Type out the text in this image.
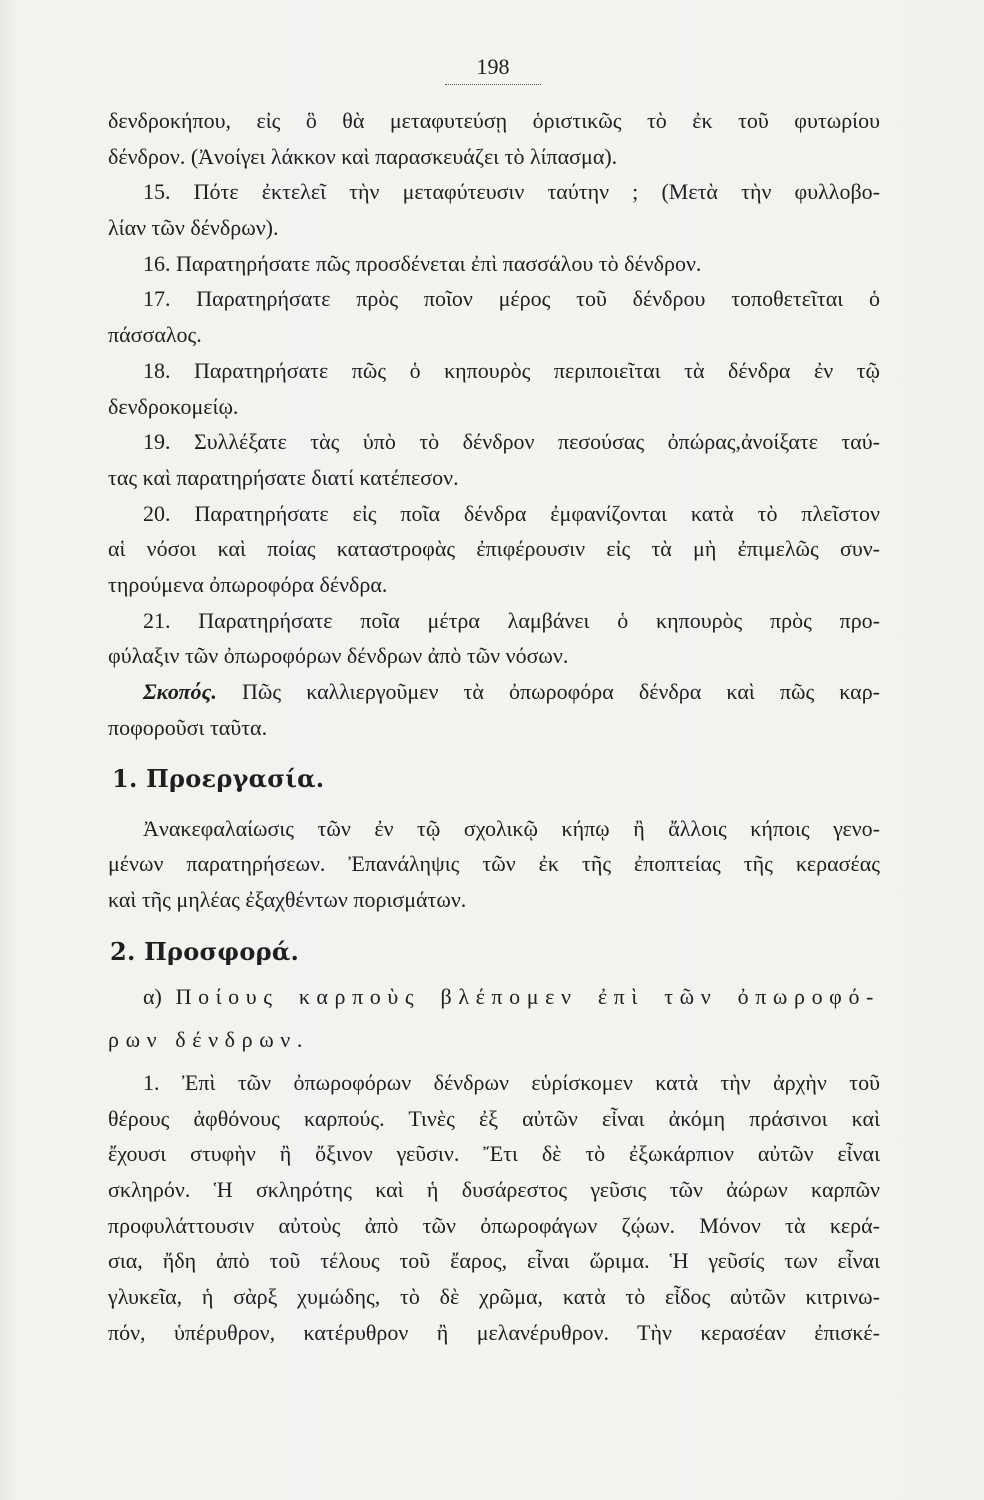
198
δενδροκήπου, εἰς ὃ θὰ μεταφυτεύσῃ ὁριστικῶς τὸ ἐκ τοῦ φυτωρίου
δένδρον. (Ἀνοίγει λάκκον καὶ παρασκευάζει τὸ λίπασμα).
15. Πότε ἐκτελεῖ τὴν μεταφύτευσιν ταύτην ; (Μετὰ τὴν φυλλοβο-
λίαν τῶν δένδρων).
16. Παρατηρήσατε πῶς προσδένεται ἐπὶ πασσάλου τὸ δένδρον.
17. Παρατηρήσατε πρὸς ποῖον μέρος τοῦ δένδρου τοποθετεῖται ὁ
πάσσαλος.
18. Παρατηρήσατε πῶς ὁ κηπουρὸς περιποιεῖται τὰ δένδρα ἐν τῷ
δενδροκομείῳ.
19. Συλλέξατε τὰς ὑπὸ τὸ δένδρον πεσούσας ὀπώρας,ἀνοίξατε ταύ-
τας καὶ παρατηρήσατε διατί κατέπεσον.
20. Παρατηρήσατε εἰς ποῖα δένδρα ἐμφανίζονται κατὰ τὸ πλεῖστον
αἱ νόσοι καὶ ποίας καταστροφὰς ἐπιφέρουσιν εἰς τὰ μὴ ἐπιμελῶς συν-
τηρούμενα ὀπωροφόρα δένδρα.
21. Παρατηρήσατε ποῖα μέτρα λαμβάνει ὁ κηπουρὸς πρὸς προ-
φύλαξιν τῶν ὀπωροφόρων δένδρων ἀπὸ τῶν νόσων.
Σκοπός. Πῶς καλλιεργοῦμεν τὰ ὀπωροφόρα δένδρα καὶ πῶς καρ-
ποφοροῦσι ταῦτα.
1. Προεργασία.
Ἀνακεφαλαίωσις τῶν ἐν τῷ σχολικῷ κήπῳ ἢ ἄλλοις κήποις γενο-
μένων παρατηρήσεων. Ἐπανάληψις τῶν ἐκ τῆς ἐποπτείας τῆς κερασέας
καὶ τῆς μηλέας ἐξαχθέντων πορισμάτων.
2. Προσφορά.
α) Ποίους καρποὺς βλέπομεν ἐπὶ τῶν ὀπωροφό-
ρων δένδρων.
1. Ἐπὶ τῶν ὀπωροφόρων δένδρων εὑρίσκομεν κατὰ τὴν ἀρχὴν τοῦ
θέρους ἀφθόνους καρπούς. Τινὲς ἐξ αὐτῶν εἶναι ἀκόμη πράσινοι καὶ
ἔχουσι στυφὴν ἢ ὄξινον γεῦσιν. Ἔτι δὲ τὸ ἐξωκάρπιον αὐτῶν εἶναι
σκληρόν. Ἡ σκληρότης καὶ ἡ δυσάρεστος γεῦσις τῶν ἀώρων καρπῶν
προφυλάττουσιν αὐτοὺς ἀπὸ τῶν ὀπωροφάγων ζῴων. Μόνον τὰ κερά-
σια, ἤδη ἀπὸ τοῦ τέλους τοῦ ἔαρος, εἶναι ὥριμα. Ἡ γεῦσίς των εἶναι
γλυκεῖα, ἡ σὰρξ χυμώδης, τὸ δὲ χρῶμα, κατὰ τὸ εἶδος αὐτῶν κιτρινω-
πόν, ὑπέρυθρον, κατέρυθρον ἢ μελανέρυθρον. Τὴν κερασέαν ἐπισκέ-
